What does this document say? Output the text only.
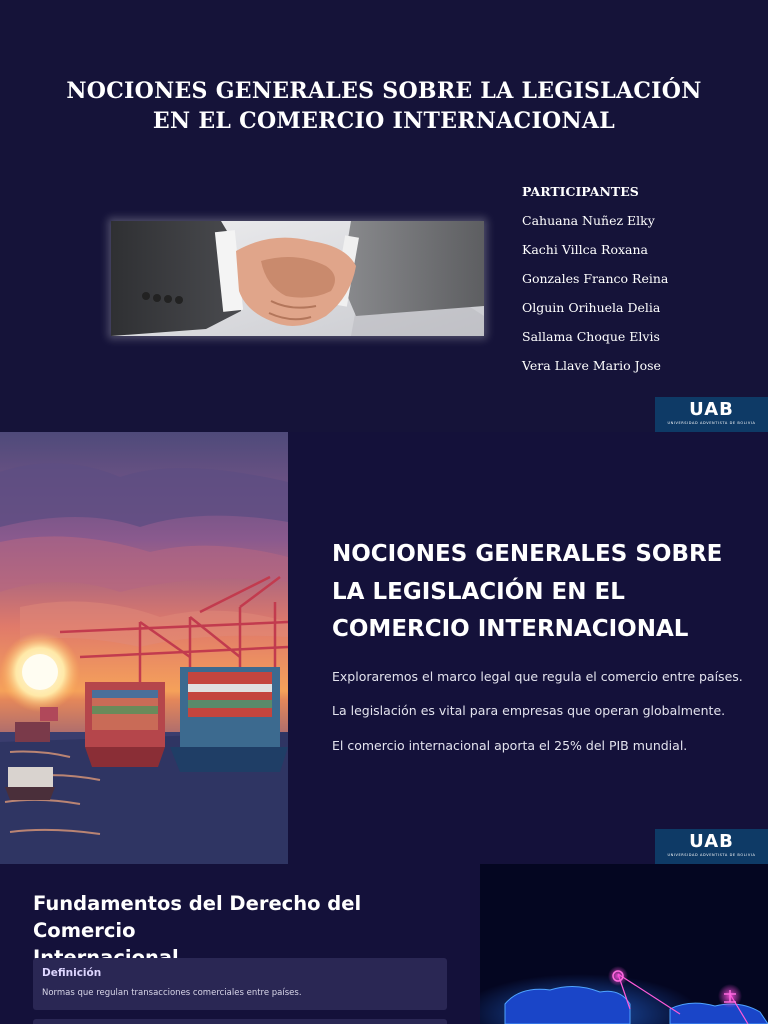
NOCIONES GENERALES SOBRE LA LEGISLACIÓN
EN EL COMERCIO INTERNACIONAL
PARTICIPANTES
Cahuana Nuñez Elky
Kachi Villca Roxana
Gonzales Franco Reina
Olguin Orihuela Delia
Sallama Choque Elvis
Vera Llave Mario Jose
UAB
UNIVERSIDAD ADVENTISTA DE BOLIVIA
NOCIONES GENERALES SOBRE
LA LEGISLACIÓN EN EL
COMERCIO INTERNACIONAL

Exploraremos el marco legal que regula el comercio entre países.

La legislación es vital para empresas que operan globalmente.

El comercio internacional aporta el 25% del PIB mundial.

UAB
UNIVERSIDAD ADVENTISTA DE BOLIVIA
Fundamentos del Derecho del Comercio
Definición
Normas que regulan transacciones comerciales entre países.
